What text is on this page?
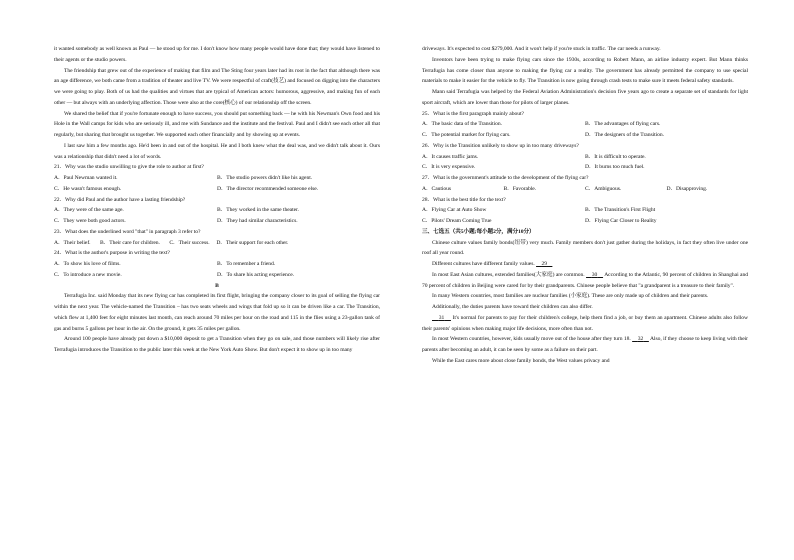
it wanted somebody as well known as Paul — he stood up for me. I don't know how many people would have done that; they would have listened to their agents or the studio powers.

The friendship that grew out of the experience of making that film and The Sting four years later had its root in the fact that although there was an age difference, we both came from a tradition of theater and live TV. We were respectful of craft(技艺) and focused on digging into the characters we were going to play. Both of us had the qualities and virtues that are typical of American actors: humorous, aggressive, and making fun of each other — but always with an underlying affection. Those were also at the core(核心) of our relationship off the screen.

We shared the belief that if you're fortunate enough to have success, you should put something back — he with his Newman's Own food and his Hole in the Wall camps for kids who are seriously ill, and me with Sundance and the institute and the festival. Paul and I didn't see each other all that regularly, but sharing that brought us together. We supported each other financially and by showing up at events.

I last saw him a few months ago. He'd been in and out of the hospital. He and I both knew what the deal was, and we didn't talk about it. Ours was a relationship that didn't need a lot of words.

21．Why was the studio unwilling to give the role to author at first?

A．Paul Newman wanted it.	B．The studio powers didn't like his agent.
C．He wasn't famous enough.	D．The director recommended someone else.

22．Why did Paul and the author have a lasting friendship?

A．They were of the same age.	B．They worked in the same theater.
C．They were both good actors.	D．They had similar characteristics.

23．What does the underlined word "that" in paragraph 3 refer to?

A．Their belief. B．Their care for children. C．Their success. D．Their support for each other.

24．What is the author's purpose in writing the text?

A．To show his love of films.	B．To remember a friend.
C．To introduce a new movie.	D．To share his acting experience.

B

Terrafugia Inc. said Monday that its new flying car has completed its first flight, bringing the company closer to its goal of selling the flying car within the next year. The vehicle-named the Transition – has two seats wheels and wings that fold up so it can be driven like a car. The Transition, which flew at 1,400 feet for eight minutes last month, can reach around 70 miles per hour on the road and 115 in the flies using a 23-gallon tank of gas and burns 5 gallons per hour in the air. On the ground, it gets 35 miles per gallon.

Around 100 people have already put down a $10,000 deposit to get a Transition when they go on sale, and those numbers will likely rise after Terrafugia introduces the Transition to the public later this week at the New York Auto Show. But don't expect it to show up in too many

driveways. It's expected to cost $279,000. And it won't help if you're stuck in traffic. The car needs a runway.

Inventors have been trying to make flying cars since the 1930s, according to Robert Mann, an airline industry expert. But Mann thinks Terrafugia has come closer than anyone to making the flying car a reality. The government has already permitted the company to use special materials to make it easier for the vehicle to fly. The Transition is now going through crash tests to make sure it meets federal safety standards.

Mann said Terrafugia was helped by the Federal Aviation Administration's decision five years ago to create a separate set of standards for light sport aircraft, which are lower than those for pilots of larger planes.

25．What is the first paragraph mainly about?

A．The basic data of the Transition.	B．The advantages of flying cars.
C．The potential market for flying cars.	D．The designers of the Transition.

26．Why is the Transition unlikely to show up in too many driveways?

A．It causes traffic jams.	B．It is difficult to operate.
C．It is very expensive.	D．It burns too much fuel.

27．What is the government's attitude to the development of the flying car?

A．Cautious	B．Favorable.	C．Ambiguous.	D．Disapproving.

28．What is the best title for the text?

A．Flying Car at Auto Show	B．The Transition's First Flight
C．Pilots' Dream Coming True	D．Flying Car Closer to Reality

三、七选五（共5小题;每小题2分，满分10分）

Chinese culture values family bonds(纽带) very much. Family members don't just gather during the holidays, in fact they often live under one roof all year round.

Different cultures have different family values. 29

In most East Asian cultures, extended families(大家庭) are common. 30 According to the Atlantic, 90 percent of children in Shanghai and 70 percent of children in Beijing were cared for by their grandparents. Chinese people believe that "a grandparent is a treasure to their family".

In many Western countries, most families are nuclear families (小家庭). These are only made up of children and their parents.

Additionally, the duties parents have toward their children can also differ.

31 It's normal for parents to pay for their children's college, help them find a job, or buy them an apartment. Chinese adults also follow their parents' opinions when making major life decisions, more often than not.

In most Western countries, however, kids usually move out of the house after they turn 18. 32 Also, if they choose to keep living with their parents after becoming an adult, it can be seen by some as a failure on their part.

While the East cares more about close family bonds, the West values privacy and
